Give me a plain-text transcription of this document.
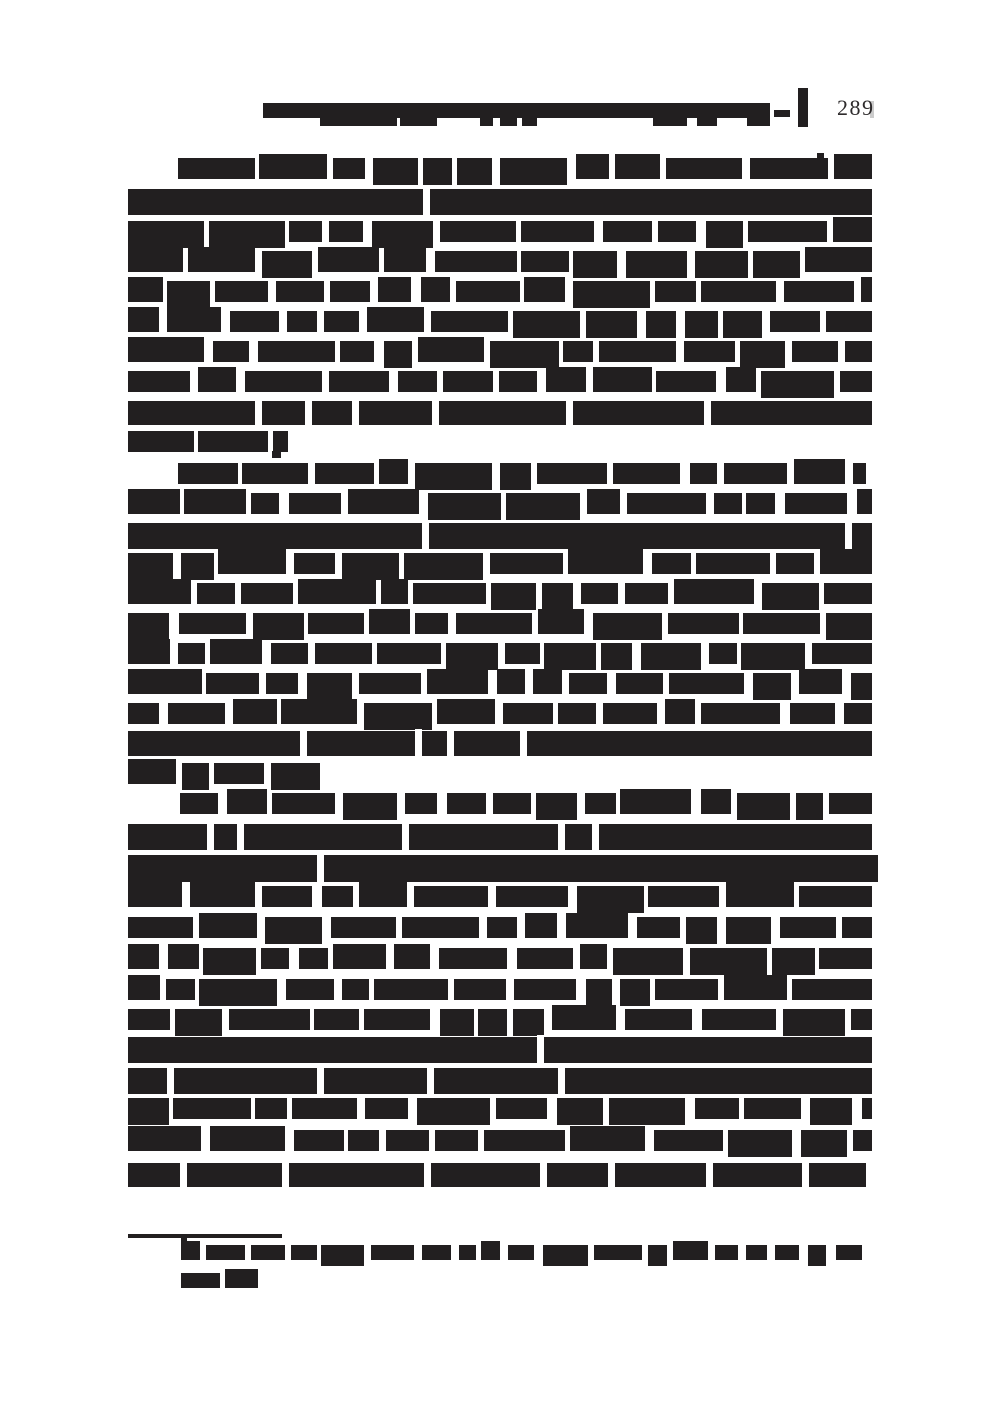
289
